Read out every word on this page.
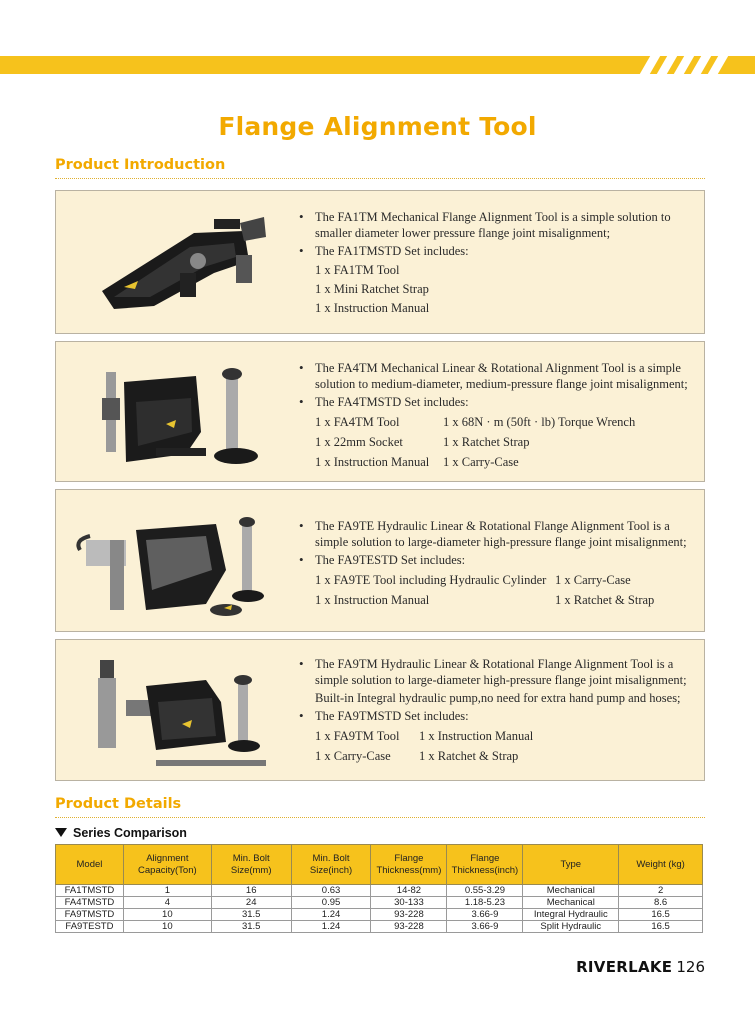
Flange Alignment Tool
Product Introduction
• The FA1TM Mechanical Flange Alignment Tool is a simple solution to smaller diameter lower pressure flange joint misalignment;
• The FA1TMSTD Set includes:
1 x FA1TM Tool
1 x Mini Ratchet Strap
1 x Instruction Manual
• The FA4TM Mechanical Linear & Rotational Alignment Tool is a simple solution to medium-diameter, medium-pressure flange joint misalignment;
• The FA4TMSTD Set includes:
1 x FA4TM Tool	1 x 68N · m (50ft · lb) Torque Wrench
1 x 22mm Socket	1 x Ratchet Strap
1 x Instruction Manual	1 x Carry-Case
• The FA9TE Hydraulic Linear & Rotational Flange Alignment Tool is a simple solution to large-diameter high-pressure flange joint misalignment;
• The FA9TESTD Set includes:
1 x FA9TE Tool including Hydraulic Cylinder 1 x Carry-Case
1 x Instruction Manual	1 x Ratchet & Strap
• The FA9TM Hydraulic Linear & Rotational Flange Alignment Tool is a simple solution to large-diameter high-pressure flange joint misalignment;
Built-in Integral hydraulic pump,no need for extra hand pump and hoses;
• The FA9TMSTD Set includes:
1 x FA9TM Tool	1 x Instruction Manual
1 x Carry-Case	1 x Ratchet & Strap
Product Details
Series Comparison
Model	Alignment Capacity(Ton)	Min. Bolt Size(mm)	Min. Bolt Size(inch)	Flange Thickness(mm)	Flange Thickness(inch)	Type	Weight (kg)
FA1TMSTD	1	16	0.63	14-82	0.55-3.29	Mechanical	2
FA4TMSTD	4	24	0.95	30-133	1.18-5.23	Mechanical	8.6
FA9TMSTD	10	31.5	1.24	93-228	3.66-9	Integral Hydraulic	16.5
FA9TESTD	10	31.5	1.24	93-228	3.66-9	Split Hydraulic	16.5
RIVERLAKE 126
